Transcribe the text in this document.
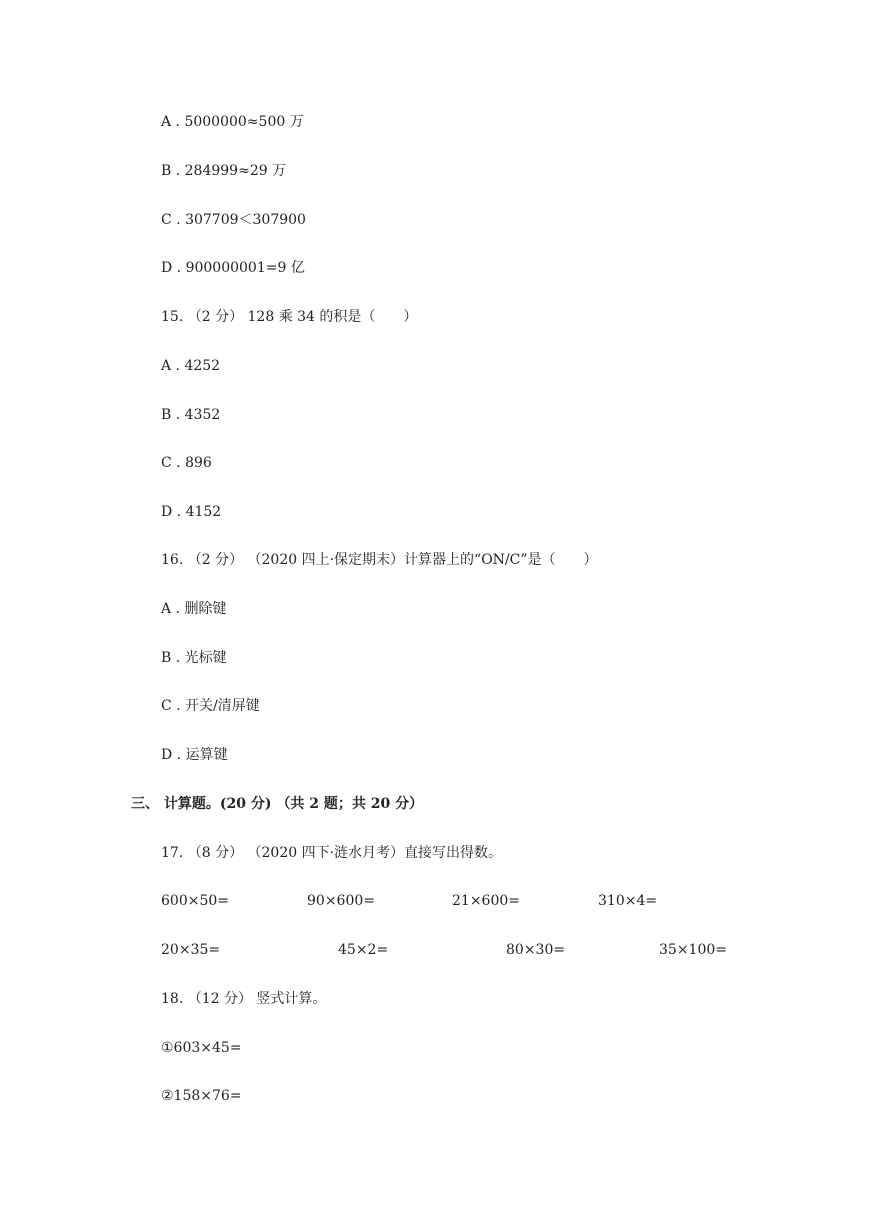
A . 5000000≈500 万
B . 284999≈29 万
C . 307709＜307900
D . 900000001=9 亿
15. （2 分） 128 乘 34 的积是（　　）
A . 4252
B . 4352
C . 896
D . 4152
16. （2 分） （2020 四上·保定期末）计算器上的“ON/C”是（　　）
A . 删除键
B . 光标键
C . 开关/清屏键
D . 运算键
三、 计算题。(20 分) （共 2 题；共 20 分）
17. （8 分） （2020 四下·涟水月考）直接写出得数。
600×50=	90×600=	21×600=	310×4=
20×35=	45×2=	80×30=	35×100=
18. （12 分） 竖式计算。
①603×45=
②158×76=
